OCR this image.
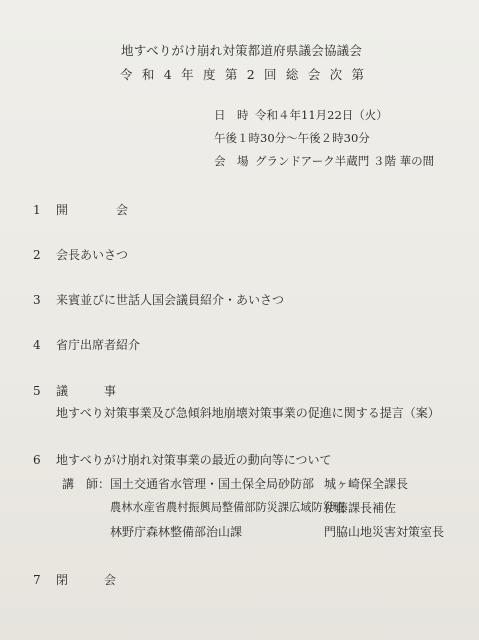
地すべりがけ崩れ対策都道府県議会協議会
令 和 4 年 度 第 2 回 総 会 次 第
日　時 令和４年11月22日（火）
午後１時30分～午後２時30分
会　場 グランドアーク半蔵門 ３階 華の間
1 開　　　　会
2 会長あいさつ
3 来賓並びに世話人国会議員紹介・あいさつ
4 省庁出席者紹介
5 議　　　事
地すべり対策事業及び急傾斜地崩壊対策事業の促進に関する提言（案）
6 地すべりがけ崩れ対策事業の最近の動向等について
講　師： 国土交通省水管理・国土保全局砂防部 城ヶ崎保全課長
農林水産省農村振興局整備部防災課広域防災班
伊藤課長補佐
林野庁森林整備部治山課	門脇山地災害対策室長
7 閉　　　会
